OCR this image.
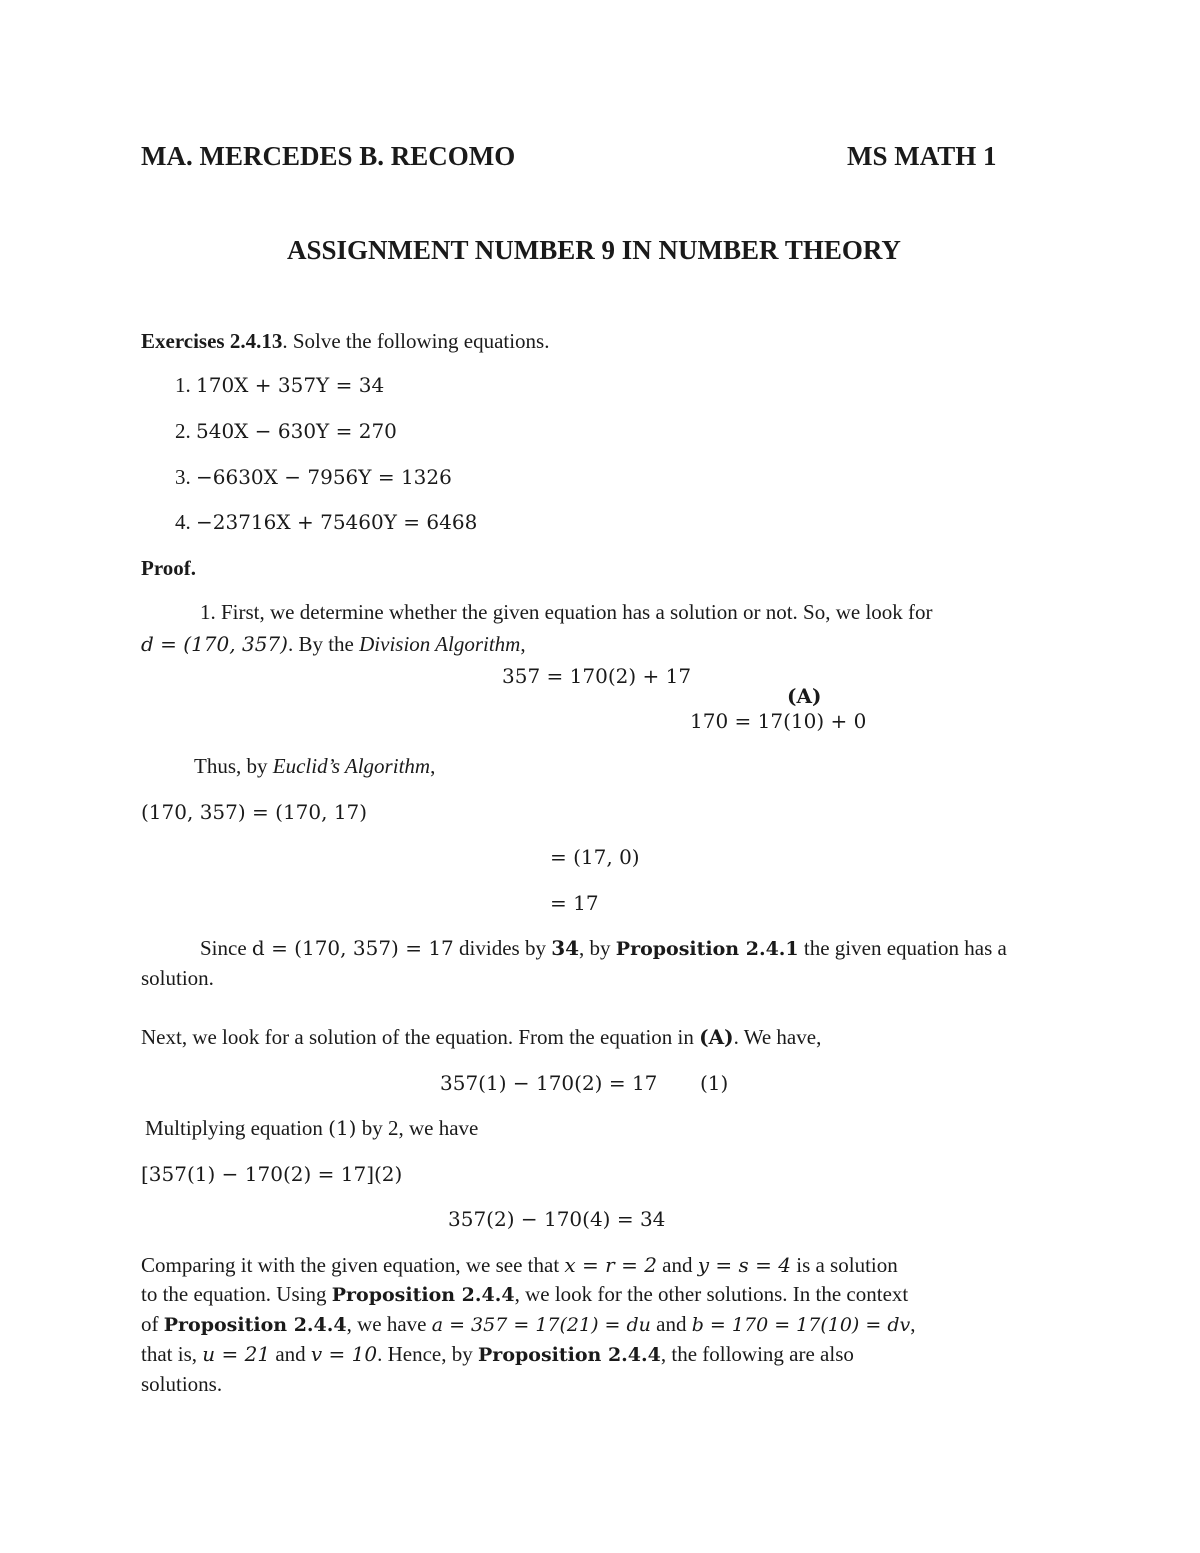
MA. MERCEDES B. RECOMO	MS MATH 1
ASSIGNMENT NUMBER 9 IN NUMBER THEORY
Exercises 2.4.13. Solve the following equations.
1. 170X + 357Y = 34
2. 540X − 630Y = 270
3. −6630X − 7956Y = 1326
4. −23716X + 75460Y = 6468
Proof.
1. First, we determine whether the given equation has a solution or not. So, we look for
d = (170, 357). By the Division Algorithm,
357 = 170(2) + 17
(A)
170 = 17(10) + 0
Thus, by Euclid’s Algorithm,
(170, 357) = (170, 17)
= (17, 0)
= 17
Since d = (170, 357) = 17 divides by 34, by Proposition 2.4.1 the given equation has a
solution.
Next, we look for a solution of the equation. From the equation in (A). We have,
357(1) − 170(2) = 17 (1)
Multiplying equation (1) by 2, we have
[357(1) − 170(2) = 17](2)
357(2) − 170(4) = 34
Comparing it with the given equation, we see that x = r = 2 and y = s = 4 is a solution
to the equation. Using Proposition 2.4.4, we look for the other solutions. In the context
of Proposition 2.4.4, we have a = 357 = 17(21) = du and b = 170 = 17(10) = dv,
that is, u = 21 and v = 10. Hence, by Proposition 2.4.4, the following are also
solutions.
